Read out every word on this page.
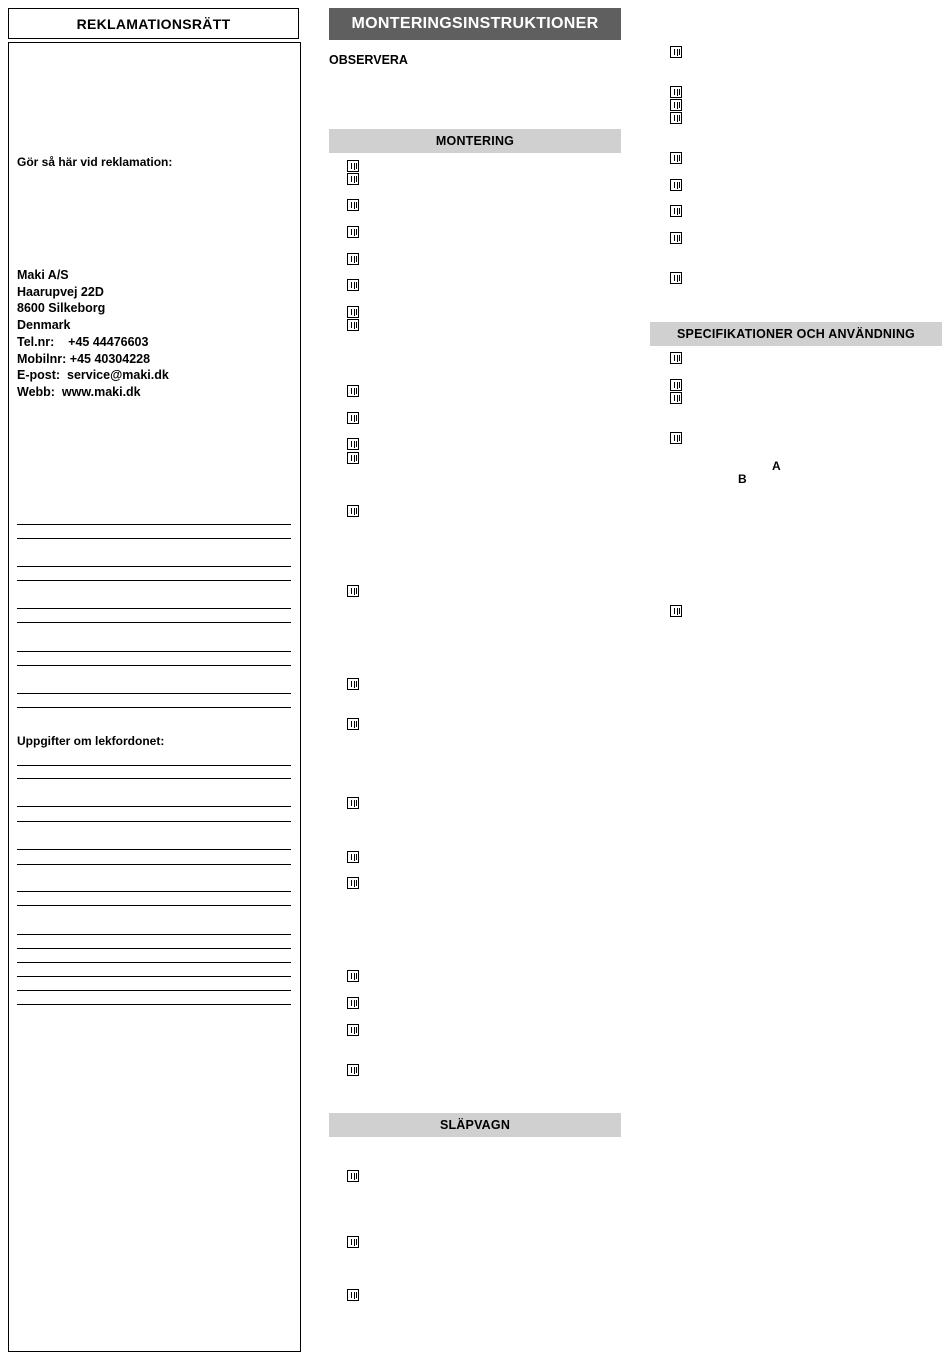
REKLAMATIONSRÄTT
Gör så här vid reklamation:
Maki A/S
Haarupvej 22D
8600 Silkeborg
Denmark
Tel.nr:    +45 44476603
Mobilnr: +45 40304228
E-post:  service@maki.dk
Webb:  www.maki.dk
Uppgifter om lekfordonet:
MONTERINGSINSTRUKTIONER
OBSERVERA
MONTERING
SLÄPVAGN
SPECIFIKATIONER OCH ANVÄNDNING
A
B
